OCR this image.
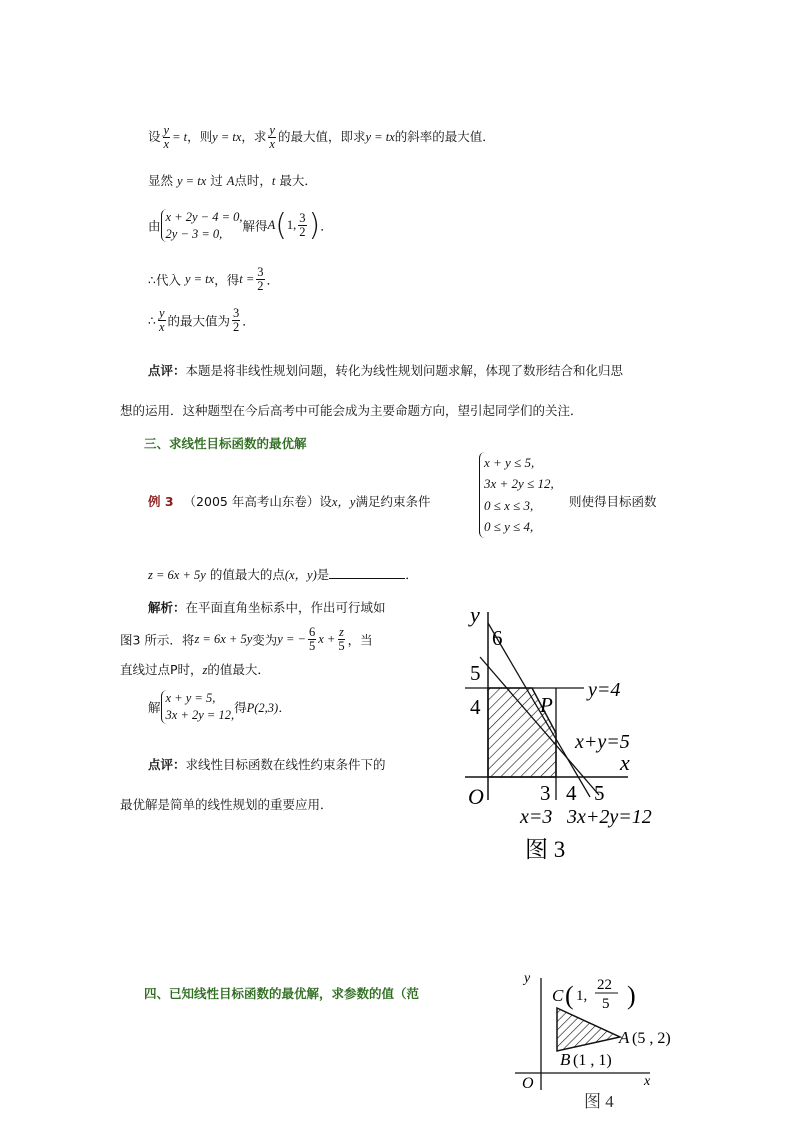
设 $\frac{y}{x} = t$，则y = tx，求 $\frac{y}{x}$ 的最大值，即求y = tx的斜率的最大值．
显然 y = tx 过 A点时，t 最大．
由x + 2y − 4 = 0,
2y − 3 = 0, 解得A(1, $\frac{3}{2}$ )．
∴代入 y = tx，得$t = \frac{3}{2}$ ．
∴ $\frac{y}{x}$ 的最大值为 $\frac{3}{2}$ ．
点评：本题是将非线性规划问题，转化为线性规划问题求解，体现了数形结合和化归思
想的运用．这种题型在今后高考中可能会成为主要命题方向，望引起同学们的关注．
三、求线性目标函数的最优解
例 3 （2005 年高考山东卷）设x，y满足约束条件
x + y ≤ 5,
3x + 2y ≤ 12,
0 ≤ x ≤ 3,
0 ≤ y ≤ 4,
则使得目标函数
z = 6x + 5y 的值最大的点(x，y)是	．
解析：在平面直角坐标系中，作出可行域如
图3 所示．将z = 6x + 5y变为y = − $\frac{6}{5}$ $x + \frac{z}{5}$ ，当
直线过点P时，z的值最大．
解x + y = 5,
3x + 2y = 12,得P(2,3)．
点评：求线性目标函数在线性约束条件下的
最优解是简单的线性规划的重要应用．
四、已知线性目标函数的最优解，求参数的值（范
y
x
O
6
5
4
3 4 5
P
y=4
x+y=5
x=3 3x+2y=12
图 3
y
x
O
C ( 1,
22
5 )
A (5 , 2)
B (1 , 1)
图 4
